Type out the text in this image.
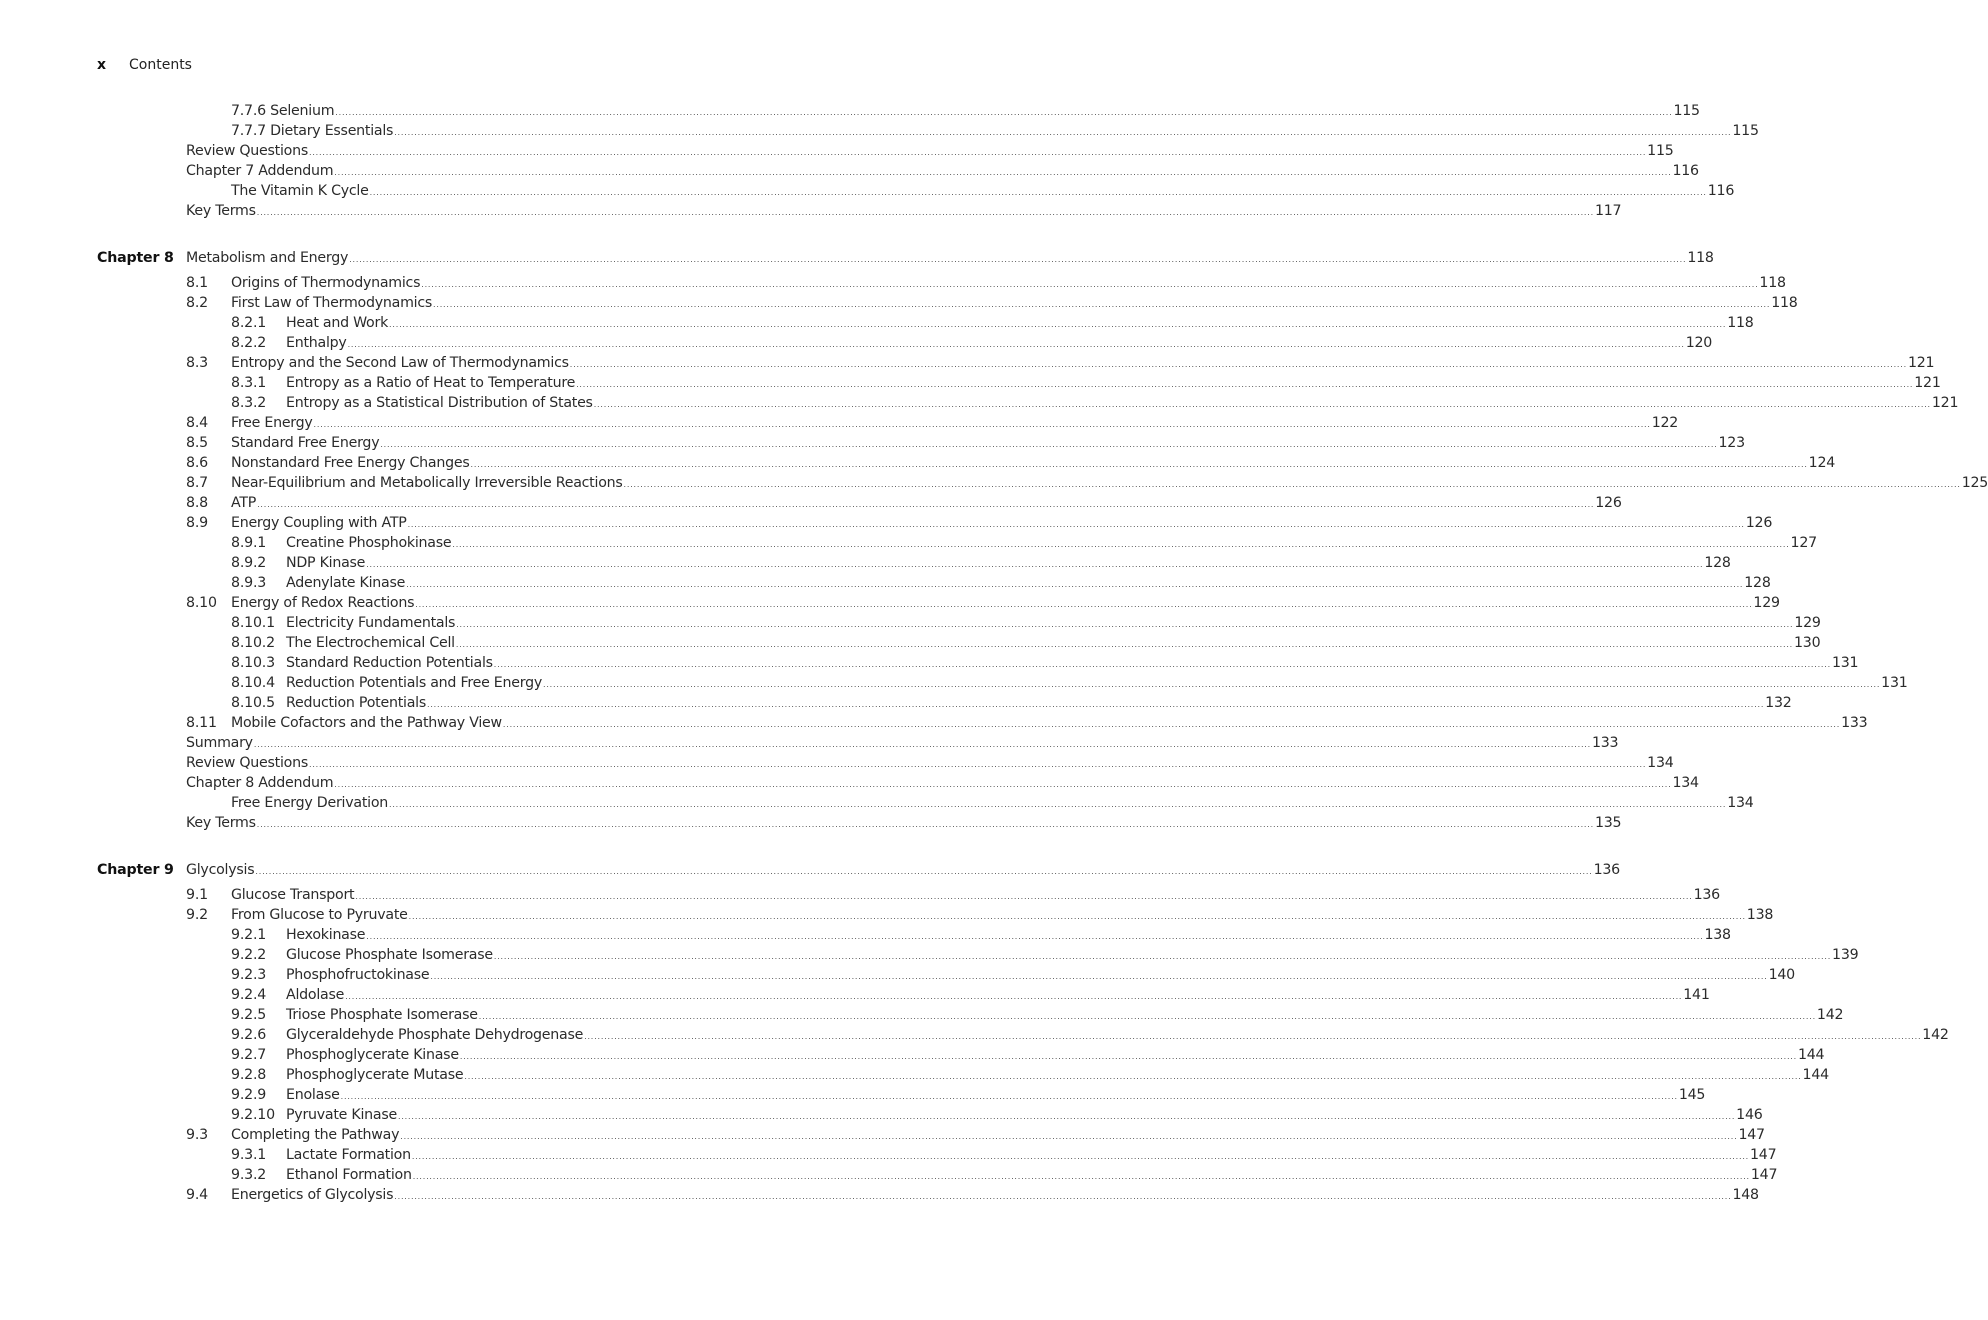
x	Contents
7.7.6 Selenium ................................................................................................................................................................................................................................................................................................................................................................................................................ 115
7.7.7 Dietary Essentials ................................................................................................................................................................................................................................................................................................................................................................................................................ 115
Review Questions ................................................................................................................................................................................................................................................................................................................................................................................................................ 115
Chapter 7 Addendum ................................................................................................................................................................................................................................................................................................................................................................................................................ 116
The Vitamin K Cycle ................................................................................................................................................................................................................................................................................................................................................................................................................ 116
Key Terms ................................................................................................................................................................................................................................................................................................................................................................................................................ 117
Chapter 8 Metabolism and Energy ................................................................................................................................................................................................................................................................................................................................................................................................................ 118
8.1 Origins of Thermodynamics ................................................................................................................................................................................................................................................................................................................................................................................................................ 118
8.2 First Law of Thermodynamics ................................................................................................................................................................................................................................................................................................................................................................................................................ 118
8.2.1 Heat and Work ................................................................................................................................................................................................................................................................................................................................................................................................................ 118
8.2.2 Enthalpy ................................................................................................................................................................................................................................................................................................................................................................................................................ 120
8.3 Entropy and the Second Law of Thermodynamics ................................................................................................................................................................................................................................................................................................................................................................................................................ 121
8.3.1 Entropy as a Ratio of Heat to Temperature ................................................................................................................................................................................................................................................................................................................................................................................................................ 121
8.3.2 Entropy as a Statistical Distribution of States ................................................................................................................................................................................................................................................................................................................................................................................................................ 121
8.4 Free Energy ................................................................................................................................................................................................................................................................................................................................................................................................................ 122
8.5 Standard Free Energy ................................................................................................................................................................................................................................................................................................................................................................................................................ 123
8.6 Nonstandard Free Energy Changes ................................................................................................................................................................................................................................................................................................................................................................................................................ 124
8.7 Near-Equilibrium and Metabolically Irreversible Reactions ................................................................................................................................................................................................................................................................................................................................................................................................................ 125
8.8 ATP ................................................................................................................................................................................................................................................................................................................................................................................................................ 126
8.9 Energy Coupling with ATP ................................................................................................................................................................................................................................................................................................................................................................................................................ 126
8.9.1 Creatine Phosphokinase ................................................................................................................................................................................................................................................................................................................................................................................................................ 127
8.9.2 NDP Kinase ................................................................................................................................................................................................................................................................................................................................................................................................................ 128
8.9.3 Adenylate Kinase ................................................................................................................................................................................................................................................................................................................................................................................................................ 128
8.10 Energy of Redox Reactions ................................................................................................................................................................................................................................................................................................................................................................................................................ 129
8.10.1 Electricity Fundamentals ................................................................................................................................................................................................................................................................................................................................................................................................................ 129
8.10.2 The Electrochemical Cell ................................................................................................................................................................................................................................................................................................................................................................................................................ 130
8.10.3 Standard Reduction Potentials ................................................................................................................................................................................................................................................................................................................................................................................................................ 131
8.10.4 Reduction Potentials and Free Energy ................................................................................................................................................................................................................................................................................................................................................................................................................ 131
8.10.5 Reduction Potentials ................................................................................................................................................................................................................................................................................................................................................................................................................ 132
8.11 Mobile Cofactors and the Pathway View ................................................................................................................................................................................................................................................................................................................................................................................................................ 133
Summary ................................................................................................................................................................................................................................................................................................................................................................................................................ 133
Review Questions ................................................................................................................................................................................................................................................................................................................................................................................................................ 134
Chapter 8 Addendum ................................................................................................................................................................................................................................................................................................................................................................................................................ 134
Free Energy Derivation ................................................................................................................................................................................................................................................................................................................................................................................................................ 134
Key Terms ................................................................................................................................................................................................................................................................................................................................................................................................................ 135
Chapter 9 Glycolysis ................................................................................................................................................................................................................................................................................................................................................................................................................ 136
9.1 Glucose Transport ................................................................................................................................................................................................................................................................................................................................................................................................................ 136
9.2 From Glucose to Pyruvate ................................................................................................................................................................................................................................................................................................................................................................................................................ 138
9.2.1 Hexokinase ................................................................................................................................................................................................................................................................................................................................................................................................................ 138
9.2.2 Glucose Phosphate Isomerase ................................................................................................................................................................................................................................................................................................................................................................................................................ 139
9.2.3 Phosphofructokinase ................................................................................................................................................................................................................................................................................................................................................................................................................ 140
9.2.4 Aldolase ................................................................................................................................................................................................................................................................................................................................................................................................................ 141
9.2.5 Triose Phosphate Isomerase ................................................................................................................................................................................................................................................................................................................................................................................................................ 142
9.2.6 Glyceraldehyde Phosphate Dehydrogenase ................................................................................................................................................................................................................................................................................................................................................................................................................ 142
9.2.7 Phosphoglycerate Kinase ................................................................................................................................................................................................................................................................................................................................................................................................................ 144
9.2.8 Phosphoglycerate Mutase ................................................................................................................................................................................................................................................................................................................................................................................................................ 144
9.2.9 Enolase ................................................................................................................................................................................................................................................................................................................................................................................................................ 145
9.2.10 Pyruvate Kinase ................................................................................................................................................................................................................................................................................................................................................................................................................ 146
9.3 Completing the Pathway ................................................................................................................................................................................................................................................................................................................................................................................................................ 147
9.3.1 Lactate Formation ................................................................................................................................................................................................................................................................................................................................................................................................................ 147
9.3.2 Ethanol Formation ................................................................................................................................................................................................................................................................................................................................................................................................................ 147
9.4 Energetics of Glycolysis ................................................................................................................................................................................................................................................................................................................................................................................................................ 148
